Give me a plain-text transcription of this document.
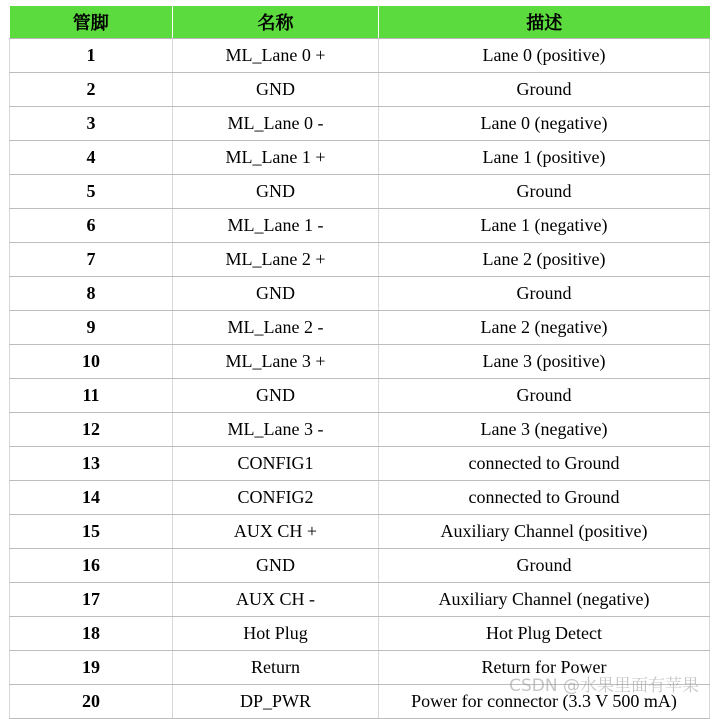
管脚	名称	描述
1	ML_Lane 0 +	Lane 0 (positive)
2	GND	Ground
3	ML_Lane 0 -	Lane 0 (negative)
4	ML_Lane 1 +	Lane 1 (positive)
5	GND	Ground
6	ML_Lane 1 -	Lane 1 (negative)
7	ML_Lane 2 +	Lane 2 (positive)
8	GND	Ground
9	ML_Lane 2 -	Lane 2 (negative)
10	ML_Lane 3 +	Lane 3 (positive)
11	GND	Ground
12	ML_Lane 3 -	Lane 3 (negative)
13	CONFIG1	connected to Ground
14	CONFIG2	connected to Ground
15	AUX CH +	Auxiliary Channel (positive)
16	GND	Ground
17	AUX CH -	Auxiliary Channel (negative)
18	Hot Plug	Hot Plug Detect
19	Return	Return for Power
20	DP_PWR	Power for connector (3.3 V 500 mA)
CSDN @水果里面有苹果
